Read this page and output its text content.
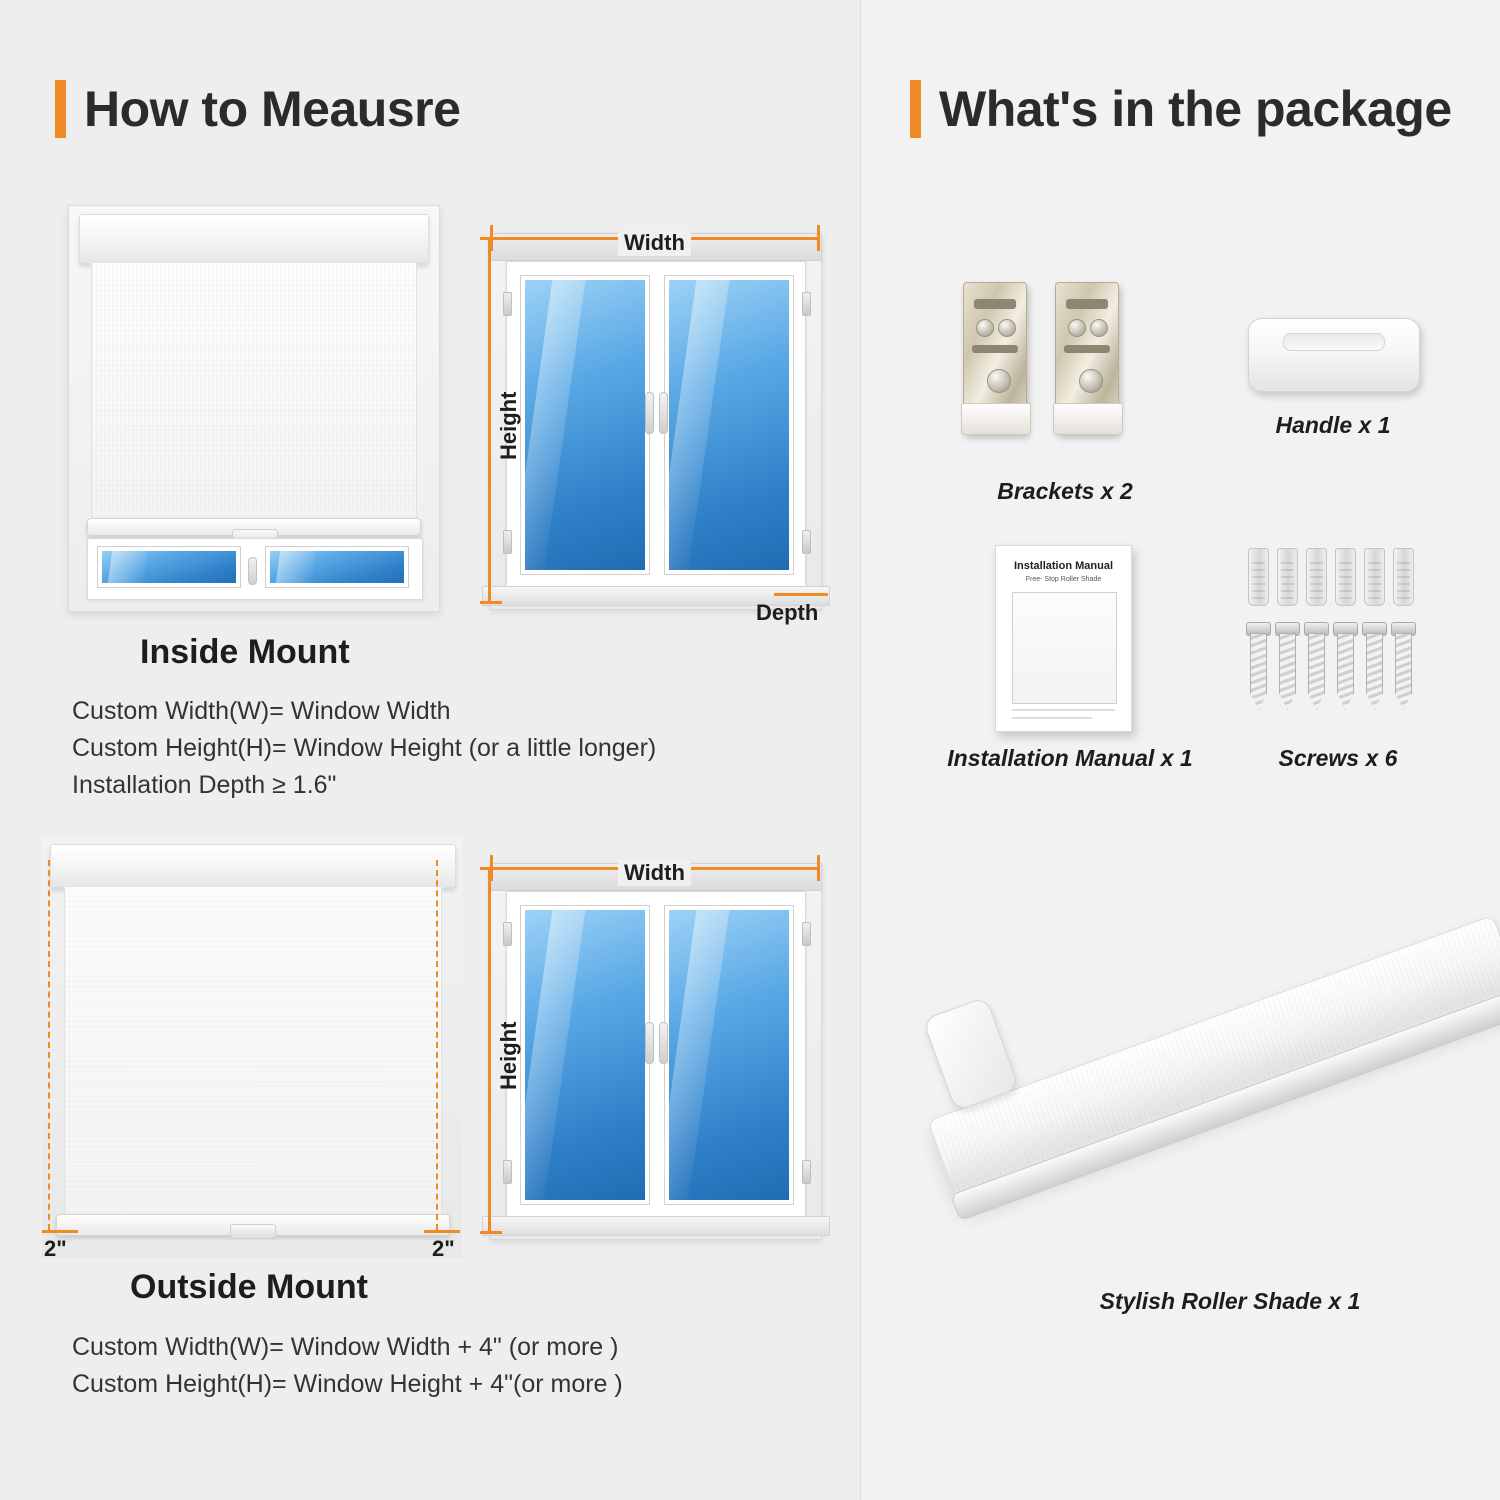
How to Meausre
Inside Mount
Width
Height
Depth
Custom Width(W)= Window Width
Custom Height(H)= Window Height (or a little longer)
Installation Depth ≥ 1.6"
2"	2"
Outside Mount
Width
Height
Custom Width(W)= Window Width + 4" (or more )
Custom Height(H)= Window Height + 4"(or more )
What's in the package
Brackets x 2
Handle x 1
Installation Manual
Free- Stop Roller Shade
Installation Manual x 1	Screws x 6
Stylish Roller Shade x 1
